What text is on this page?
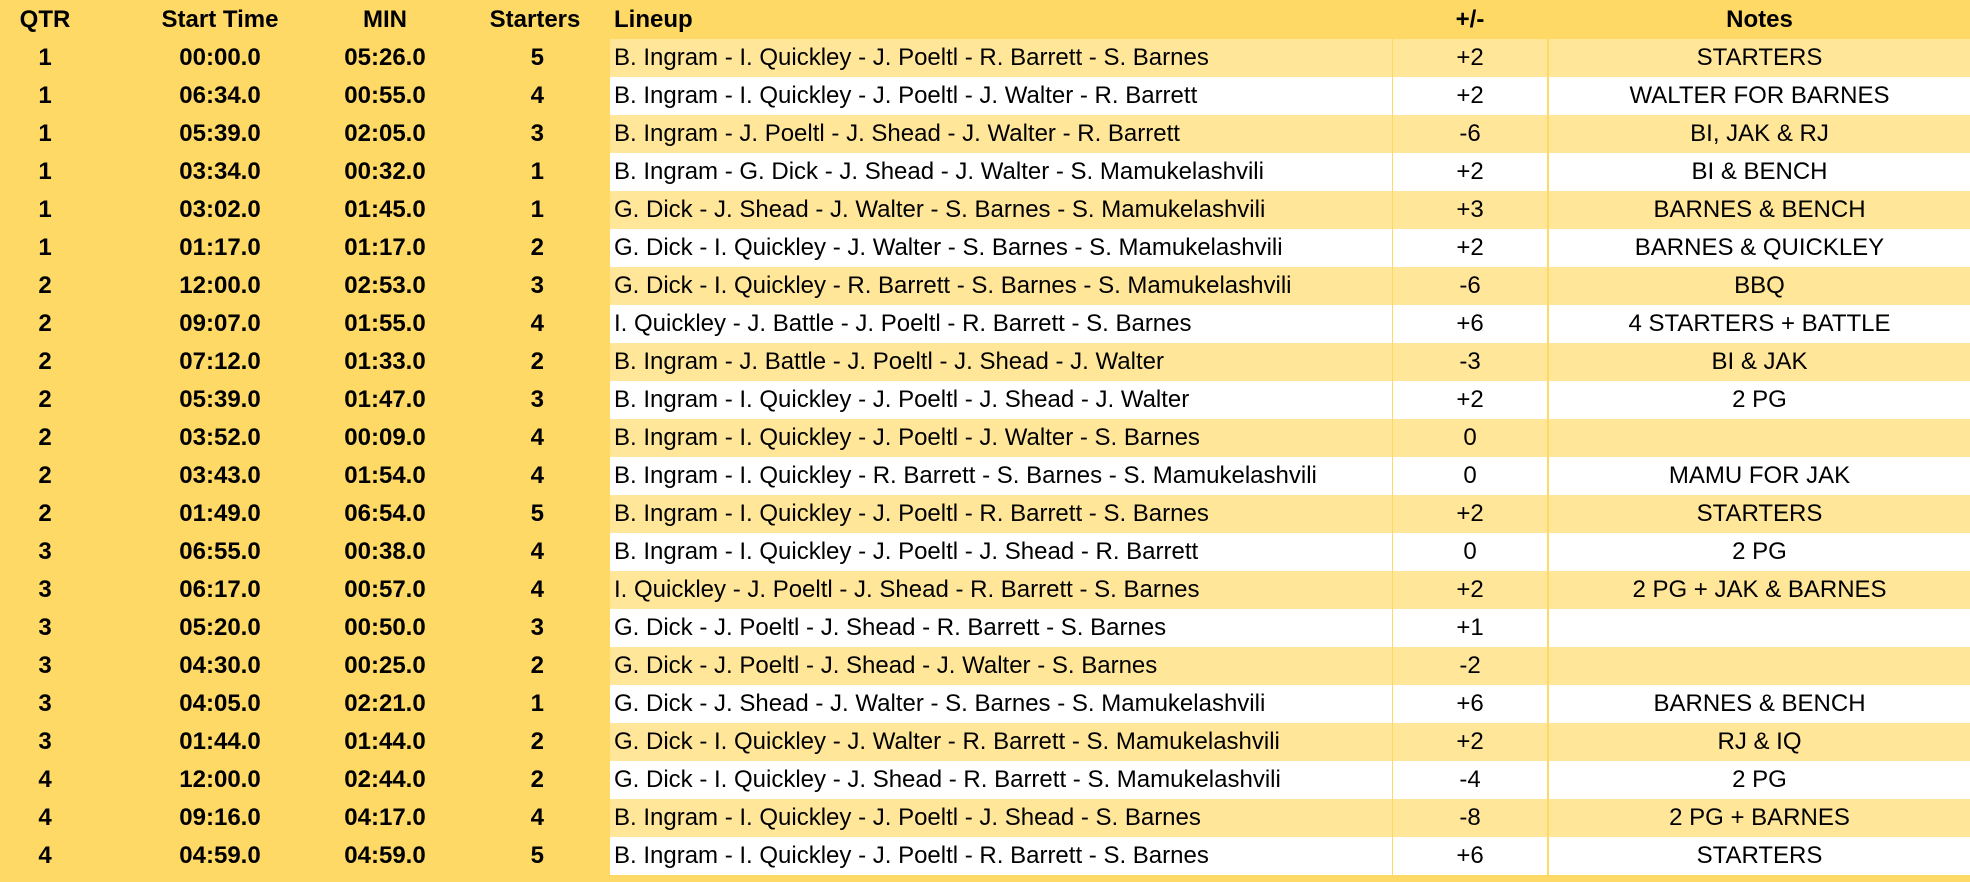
QTR	Start Time	MIN	Starters	Lineup	+/-	Notes
1	00:00.0	05:26.0	5	B. Ingram - I. Quickley - J. Poeltl - R. Barrett - S. Barnes	+2	STARTERS
1	06:34.0	00:55.0	4	B. Ingram - I. Quickley - J. Poeltl - J. Walter - R. Barrett	+2	WALTER FOR BARNES
1	05:39.0	02:05.0	3	B. Ingram - J. Poeltl - J. Shead - J. Walter - R. Barrett	-6	BI, JAK & RJ
1	03:34.0	00:32.0	1	B. Ingram - G. Dick - J. Shead - J. Walter - S. Mamukelashvili	+2	BI & BENCH
1	03:02.0	01:45.0	1	G. Dick - J. Shead - J. Walter - S. Barnes - S. Mamukelashvili	+3	BARNES & BENCH
1	01:17.0	01:17.0	2	G. Dick - I. Quickley - J. Walter - S. Barnes - S. Mamukelashvili	+2	BARNES & QUICKLEY
2	12:00.0	02:53.0	3	G. Dick - I. Quickley - R. Barrett - S. Barnes - S. Mamukelashvili	-6	BBQ
2	09:07.0	01:55.0	4	I. Quickley - J. Battle - J. Poeltl - R. Barrett - S. Barnes	+6	4 STARTERS + BATTLE
2	07:12.0	01:33.0	2	B. Ingram - J. Battle - J. Poeltl - J. Shead - J. Walter	-3	BI & JAK
2	05:39.0	01:47.0	3	B. Ingram - I. Quickley - J. Poeltl - J. Shead - J. Walter	+2	2 PG
2	03:52.0	00:09.0	4	B. Ingram - I. Quickley - J. Poeltl - J. Walter - S. Barnes	0
2	03:43.0	01:54.0	4	B. Ingram - I. Quickley - R. Barrett - S. Barnes - S. Mamukelashvili	0	MAMU FOR JAK
2	01:49.0	06:54.0	5	B. Ingram - I. Quickley - J. Poeltl - R. Barrett - S. Barnes	+2	STARTERS
3	06:55.0	00:38.0	4	B. Ingram - I. Quickley - J. Poeltl - J. Shead - R. Barrett	0	2 PG
3	06:17.0	00:57.0	4	I. Quickley - J. Poeltl - J. Shead - R. Barrett - S. Barnes	+2	2 PG + JAK & BARNES
3	05:20.0	00:50.0	3	G. Dick - J. Poeltl - J. Shead - R. Barrett - S. Barnes	+1
3	04:30.0	00:25.0	2	G. Dick - J. Poeltl - J. Shead - J. Walter - S. Barnes	-2
3	04:05.0	02:21.0	1	G. Dick - J. Shead - J. Walter - S. Barnes - S. Mamukelashvili	+6	BARNES & BENCH
3	01:44.0	01:44.0	2	G. Dick - I. Quickley - J. Walter - R. Barrett - S. Mamukelashvili	+2	RJ & IQ
4	12:00.0	02:44.0	2	G. Dick - I. Quickley - J. Shead - R. Barrett - S. Mamukelashvili	-4	2 PG
4	09:16.0	04:17.0	4	B. Ingram - I. Quickley - J. Poeltl - J. Shead - S. Barnes	-8	2 PG + BARNES
4	04:59.0	04:59.0	5	B. Ingram - I. Quickley - J. Poeltl - R. Barrett - S. Barnes	+6	STARTERS
